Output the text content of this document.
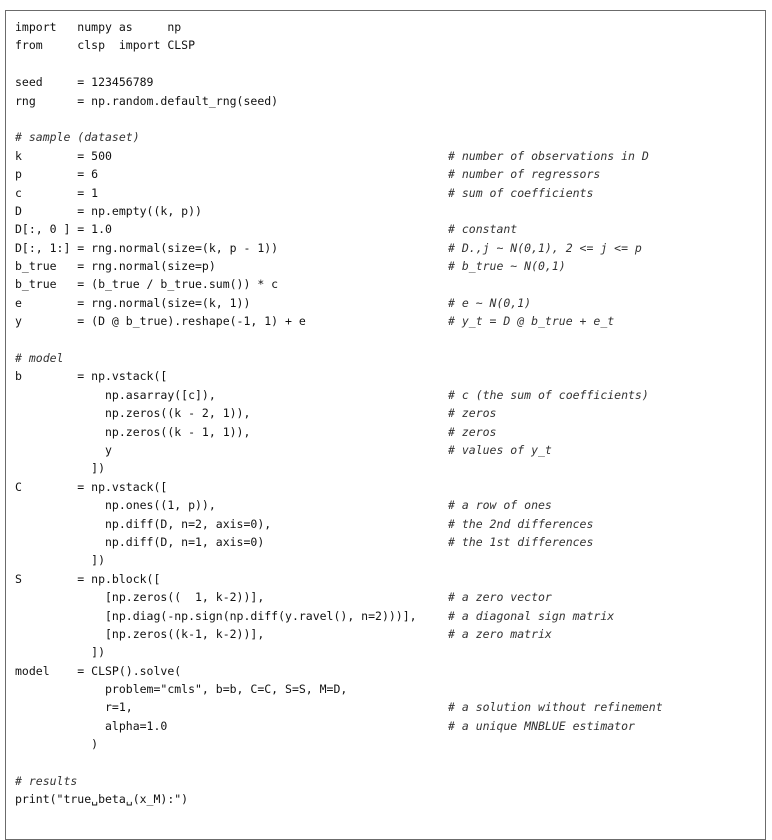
import   numpy as     np
from     clsp  import CLSP
seed     = 123456789
rng      = np.random.default_rng(seed)
# sample (dataset)
k        = 500	# number of observations in D
p        = 6	# number of regressors
c        = 1	# sum of coefficients
D        = np.empty((k, p))
D[:, 0 ] = 1.0	# constant
D[:, 1:] = rng.normal(size=(k, p - 1))	# D.,j ~ N(0,1), 2 <= j <= p
b_true   = rng.normal(size=p)	# b_true ~ N(0,1)
b_true   = (b_true / b_true.sum()) * c
e        = rng.normal(size=(k, 1))	# e ~ N(0,1)
y        = (D @ b_true).reshape(-1, 1) + e	# y_t = D @ b_true + e_t
# model
b        = np.vstack([
np.asarray([c]),	# c (the sum of coefficients)
np.zeros((k - 2, 1)),	# zeros
np.zeros((k - 1, 1)),	# zeros
y	# values of y_t
])
C        = np.vstack([
np.ones((1, p)),	# a row of ones
np.diff(D, n=2, axis=0),	# the 2nd differences
np.diff(D, n=1, axis=0)	# the 1st differences
])
S        = np.block([
[np.zeros((  1, k-2))],	# a zero vector
[np.diag(-np.sign(np.diff(y.ravel(), n=2)))],	# a diagonal sign matrix
[np.zeros((k-1, k-2))],	# a zero matrix
])
model    = CLSP().solve(
problem="cmls", b=b, C=C, S=S, M=D,
r=1,	# a solution without refinement
alpha=1.0	# a unique MNBLUE estimator
)
# results
print("true␣beta␣(x_M):")
